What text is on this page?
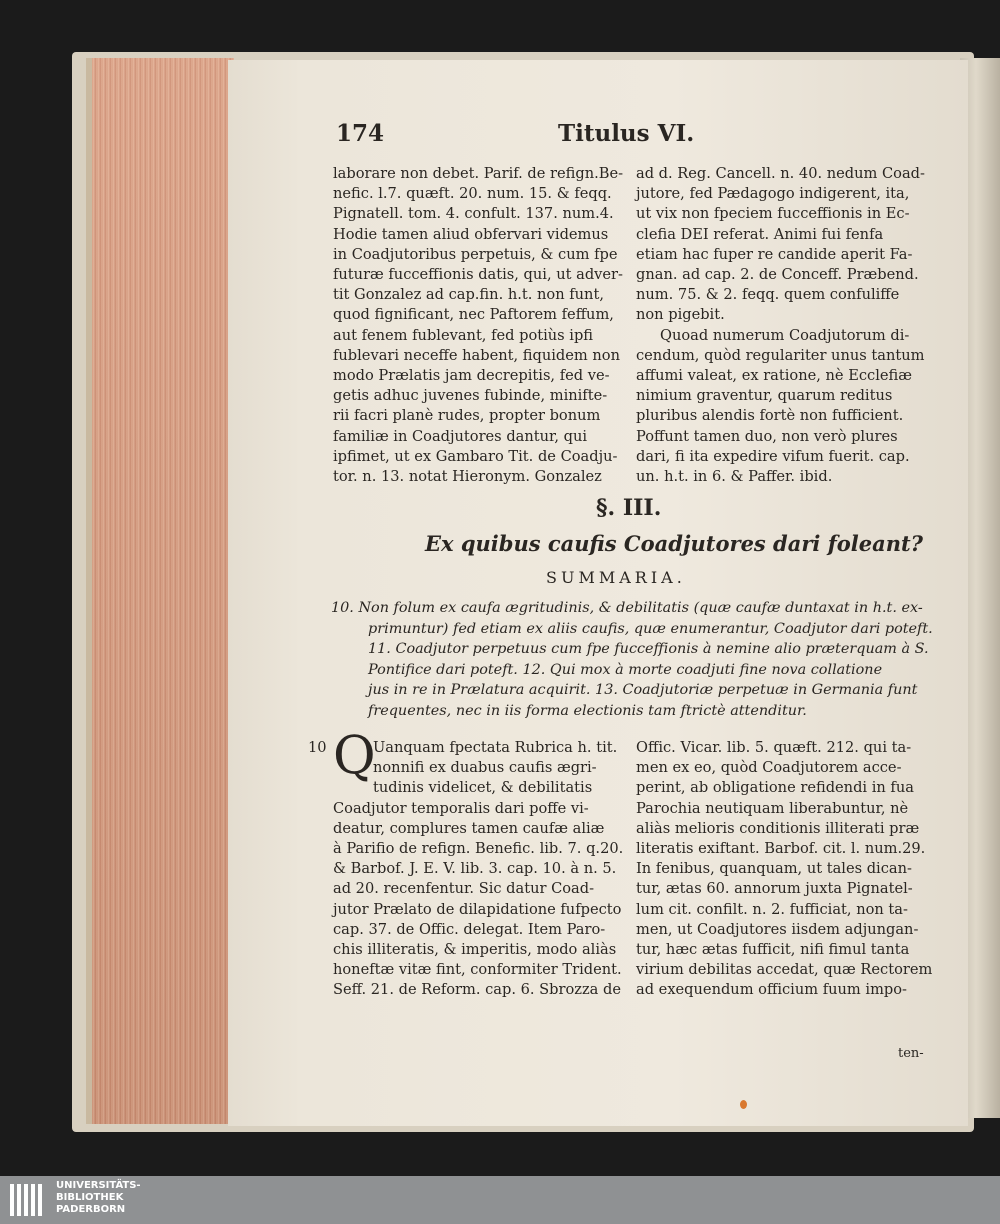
174	Titulus VI.
laborare non debet. Parif. de refign.Be-
nefic. l.7. quæft. 20. num. 15. & feqq.
Pignatell. tom. 4. confult. 137. num.4.
Hodie tamen aliud obfervari videmus
in Coadjutoribus perpetuis, & cum fpe
futuræ fucceffionis datis, qui, ut adver-
tit Gonzalez ad cap.fin. h.t. non funt,
quod fignificant, nec Paftorem feffum,
aut fenem fublevant, fed potiùs ipfi
fublevari neceffe habent, fiquidem non
modo Prælatis jam decrepitis, fed ve-
getis adhuc juvenes fubinde, minifte-
rii facri planè rudes, propter bonum
familiæ in Coadjutores dantur, qui
ipfimet, ut ex Gambaro Tit. de Coadju-
tor. n. 13. notat Hieronym. Gonzalez
ad d. Reg. Cancell. n. 40. nedum Coad-
jutore, fed Pædagogo indigerent, ita,
ut vix non fpeciem fucceffionis in Ec-
clefia DEI referat. Animi fui fenfa
etiam hac fuper re candide aperit Fa-
gnan. ad cap. 2. de Conceff. Præbend.
num. 75. & 2. feqq. quem confuliffe
non pigebit.
Quoad numerum Coadjutorum di-
cendum, quòd regulariter unus tantum
affumi valeat, ex ratione, nè Ecclefiæ
nimium graventur, quarum reditus
pluribus alendis fortè non fufficient.
Poffunt tamen duo, non verò plures
dari, fi ita expedire vifum fuerit. cap.
un. h.t. in 6. & Paffer. ibid.
§. III.
Ex quibus caufis Coadjutores dari foleant?
SUMMARIA.
10. Non folum ex caufa ægritudinis, & debilitatis (quæ caufæ duntaxat in h.t. ex-
primuntur) fed etiam ex aliis caufis, quæ enumerantur, Coadjutor dari poteft.
11. Coadjutor perpetuus cum fpe fucceffionis à nemine alio præterquam à S.
Pontifice dari poteft. 12. Qui mox à morte coadjuti fine nova collatione
jus in re in Prælatura acquirit. 13. Coadjutoriæ perpetuæ in Germania funt
frequentes, nec in iis forma electionis tam ftrictè attenditur.
10 Q
Uanquam fpectata Rubrica h. tit.
nonnifi ex duabus caufis ægri-
tudinis videlicet, & debilitatis
Coadjutor temporalis dari poffe vi-
deatur, complures tamen caufæ aliæ
à Parifio de refign. Benefic. lib. 7. q.20.
& Barbof. J. E. V. lib. 3. cap. 10. à n. 5.
ad 20. recenfentur. Sic datur Coad-
jutor Prælato de dilapidatione fufpecto
cap. 37. de Offic. delegat. Item Paro-
chis illiteratis, & imperitis, modo aliàs
honeftæ vitæ fint, conformiter Trident.
Seff. 21. de Reform. cap. 6. Sbrozza de
Offic. Vicar. lib. 5. quæft. 212. qui ta-
men ex eo, quòd Coadjutorem acce-
perint, ab obligatione refidendi in fua
Parochia neutiquam liberabuntur, nè
aliàs melioris conditionis illiterati præ
literatis exiftant. Barbof. cit. l. num.29.
In fenibus, quanquam, ut tales dican-
tur, ætas 60. annorum juxta Pignatel-
lum cit. confilt. n. 2. fufficiat, non ta-
men, ut Coadjutores iisdem adjungan-
tur, hæc ætas fufficit, nifi fimul tanta
virium debilitas accedat, quæ Rectorem
ad exequendum officium fuum impo-
ten-
UNIVERSITÄTS-
BIBLIOTHEK
PADERBORN
